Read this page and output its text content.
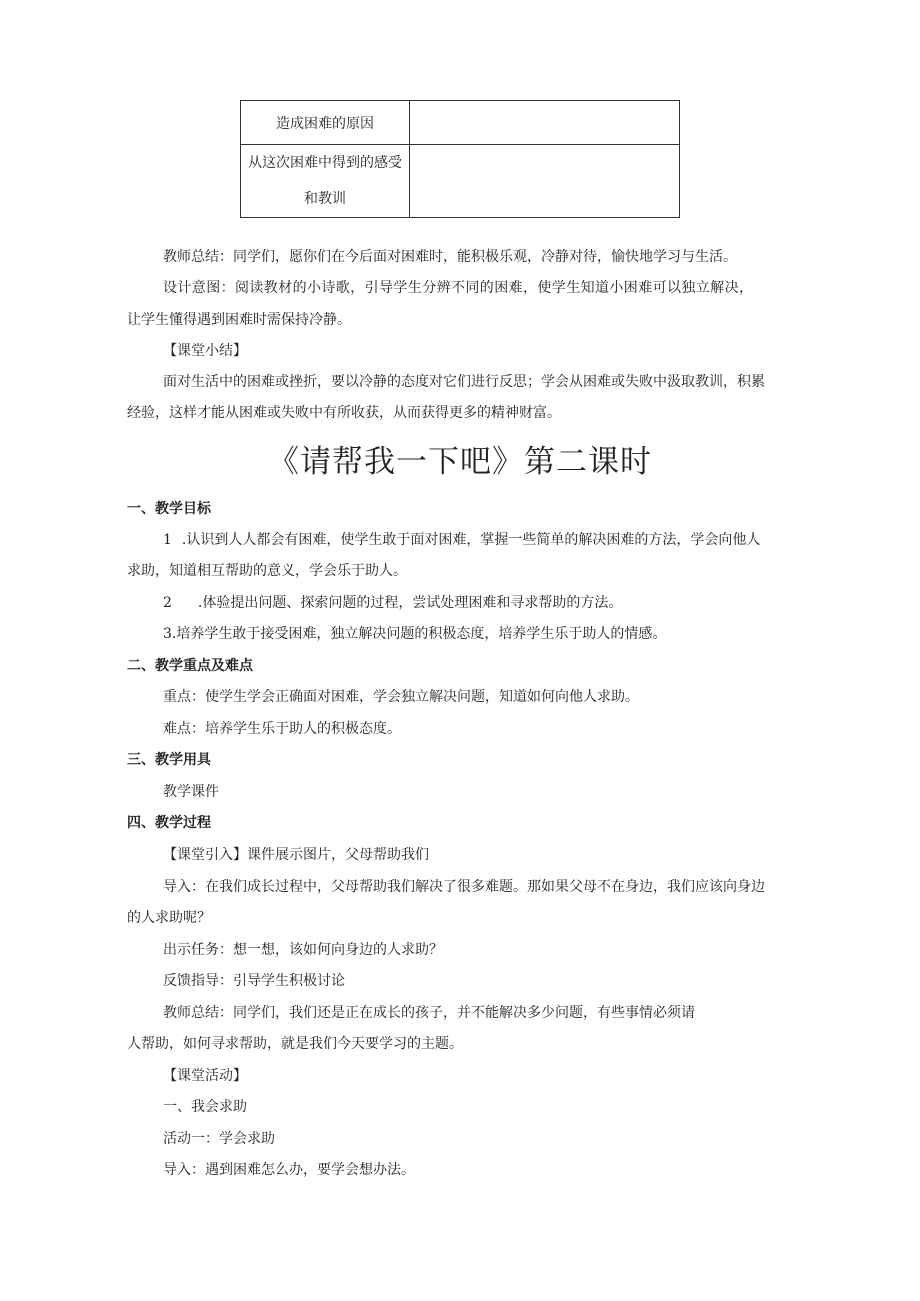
造成困难的原因	

从这次困难中得到的感受
和教训	

教师总结：同学们，愿你们在今后面对困难时，能积极乐观，冷静对待，愉快地学习与生活。
设计意图：阅读教材的小诗歌，引导学生分辨不同的困难，使学生知道小困难可以独立解决，
让学生懂得遇到困难时需保持冷静。
【课堂小结】
面对生活中的困难或挫折，要以冷静的态度对它们进行反思；学会从困难或失败中汲取教训，积累
经验，这样才能从困难或失败中有所收获，从而获得更多的精神财富。
《请帮我一下吧》第二课时
一、教学目标
1 .认识到人人都会有困难，使学生敢于面对困难，掌握一些简单的解决困难的方法，学会向他人
求助，知道相互帮助的意义，学会乐于助人。
2 .体验提出问题、探索问题的过程，尝试处理困难和寻求帮助的方法。
3.培养学生敢于接受困难，独立解决问题的积极态度，培养学生乐于助人的情感。
二、教学重点及难点
重点：使学生学会正确面对困难，学会独立解决问题，知道如何向他人求助。
难点：培养学生乐于助人的积极态度。
三、教学用具
教学课件
四、教学过程
【课堂引入】课件展示图片，父母帮助我们
导入：在我们成长过程中，父母帮助我们解决了很多难题。那如果父母不在身边，我们应该向身边
的人求助呢？
出示任务：想一想，该如何向身边的人求助？
反馈指导：引导学生积极讨论
教师总结：同学们，我们还是正在成长的孩子，并不能解决多少问题，有些事情必须请
人帮助，如何寻求帮助，就是我们今天要学习的主题。
【课堂活动】
一、我会求助
活动一：学会求助
导入：遇到困难怎么办，要学会想办法。
